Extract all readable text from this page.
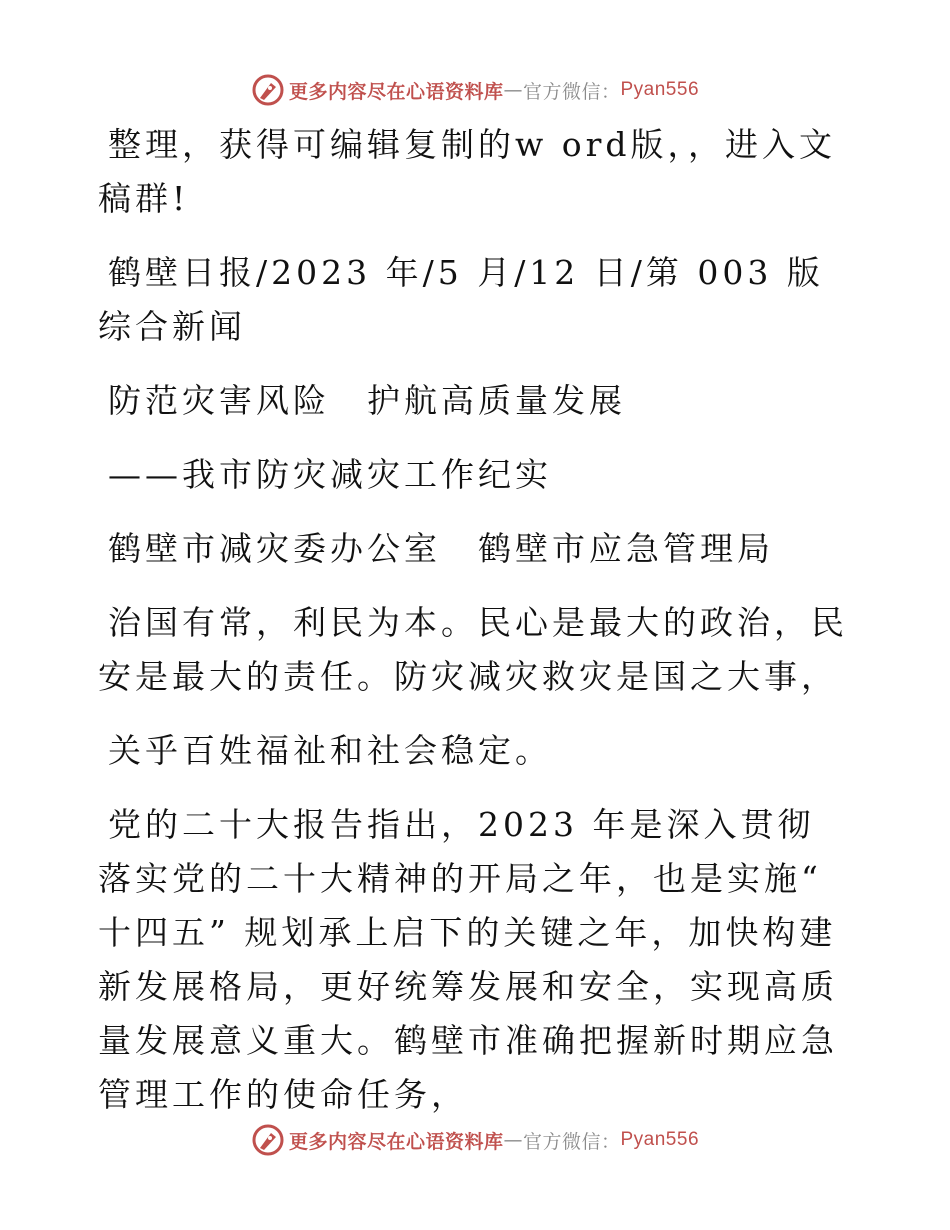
更多内容尽在心语资料库 — 官方微信： Pyan556

整理，获得可编辑复制的w ord版，，进入文稿群!

鹤壁日报/2023 年/5 月/12 日/第 003 版综合新闻

防范灾害风险　护航高质量发展

——我市防灾减灾工作纪实

鹤壁市减灾委办公室　鹤壁市应急管理局

治国有常，利民为本。民心是最大的政治，民安是最大的责任。防灾减灾救灾是国之大事，

关乎百姓福祉和社会稳定。

党的二十大报告指出，2023 年是深入贯彻落实党的二十大精神的开局之年，也是实施“ 十四五” 规划承上启下的关键之年，加快构建新发展格局，更好统筹发展和安全，实现高质量发展意义重大。鹤壁市准确把握新时期应急管理工作的使命任务，

更多内容尽在心语资料库 — 官方微信： Pyan556
